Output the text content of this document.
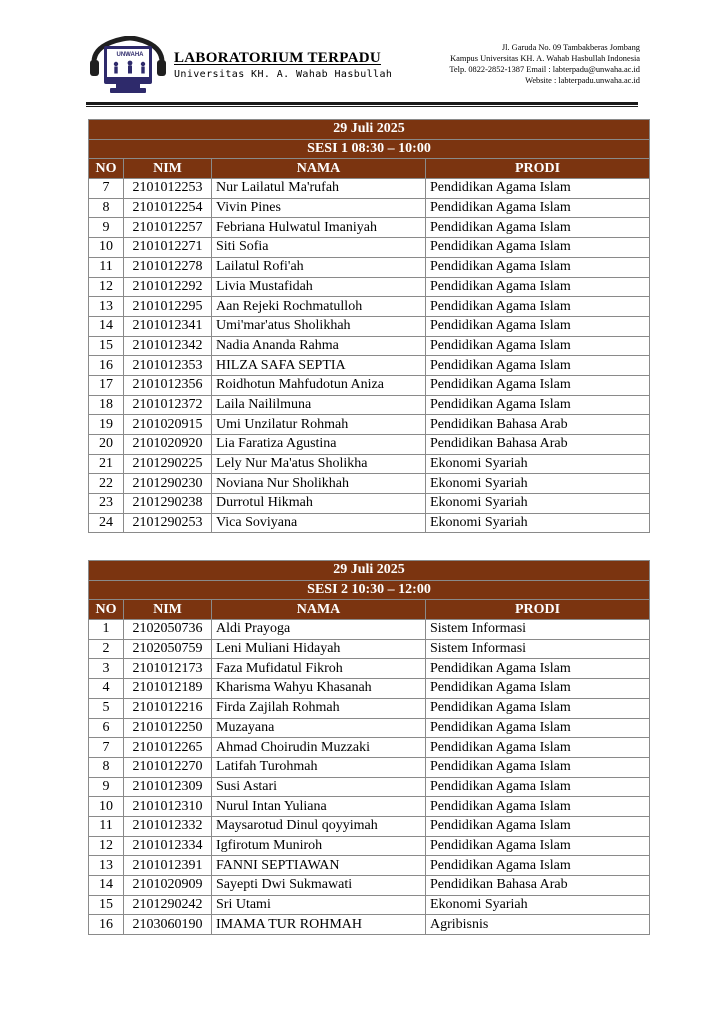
UNWAHA LABORATORIUM TERPADU
Universitas KH. A. Wahab Hasbullah
Jl. Garuda No. 09 Tambakberas Jombang
Kampus Universitas KH. A. Wahab Hasbullah Indonesia
Telp. 0822-2852-1387 Email : labterpadu@unwaha.ac.id
Website : labterpadu.unwaha.ac.id
29 Juli 2025			
SESI 1 08:30 – 10:00			
NO	NIM	NAMA	PRODI
7	2101012253	Nur Lailatul Ma'rufah	Pendidikan Agama Islam
8	2101012254	Vivin Pines	Pendidikan Agama Islam
9	2101012257	Febriana Hulwatul Imaniyah	Pendidikan Agama Islam
10	2101012271	Siti Sofia	Pendidikan Agama Islam
11	2101012278	Lailatul Rofi'ah	Pendidikan Agama Islam
12	2101012292	Livia Mustafidah	Pendidikan Agama Islam
13	2101012295	Aan Rejeki Rochmatulloh	Pendidikan Agama Islam
14	2101012341	Umi'mar'atus Sholikhah	Pendidikan Agama Islam
15	2101012342	Nadia Ananda Rahma	Pendidikan Agama Islam
16	2101012353	HILZA SAFA SEPTIA	Pendidikan Agama Islam
17	2101012356	Roidhotun Mahfudotun Aniza	Pendidikan Agama Islam
18	2101012372	Laila Naililmuna	Pendidikan Agama Islam
19	2101020915	Umi Unzilatur Rohmah	Pendidikan Bahasa Arab
20	2101020920	Lia Faratiza Agustina	Pendidikan Bahasa Arab
21	2101290225	Lely Nur Ma'atus Sholikha	Ekonomi Syariah
22	2101290230	Noviana Nur Sholikhah	Ekonomi Syariah
23	2101290238	Durrotul Hikmah	Ekonomi Syariah
24	2101290253	Vica Soviyana	Ekonomi Syariah
29 Juli 2025			
SESI 2 10:30 – 12:00			
NO	NIM	NAMA	PRODI
1	2102050736	Aldi Prayoga	Sistem Informasi
2	2102050759	Leni Muliani Hidayah	Sistem Informasi
3	2101012173	Faza Mufidatul Fikroh	Pendidikan Agama Islam
4	2101012189	Kharisma Wahyu Khasanah	Pendidikan Agama Islam
5	2101012216	Firda Zajilah Rohmah	Pendidikan Agama Islam
6	2101012250	Muzayana	Pendidikan Agama Islam
7	2101012265	Ahmad Choirudin Muzzaki	Pendidikan Agama Islam
8	2101012270	Latifah Turohmah	Pendidikan Agama Islam
9	2101012309	Susi Astari	Pendidikan Agama Islam
10	2101012310	Nurul Intan Yuliana	Pendidikan Agama Islam
11	2101012332	Maysarotud Dinul qoyyimah	Pendidikan Agama Islam
12	2101012334	Igfirotum Muniroh	Pendidikan Agama Islam
13	2101012391	FANNI SEPTIAWAN	Pendidikan Agama Islam
14	2101020909	Sayepti Dwi Sukmawati	Pendidikan Bahasa Arab
15	2101290242	Sri Utami	Ekonomi Syariah
16	2103060190	IMAMA TUR ROHMAH	Agribisnis
